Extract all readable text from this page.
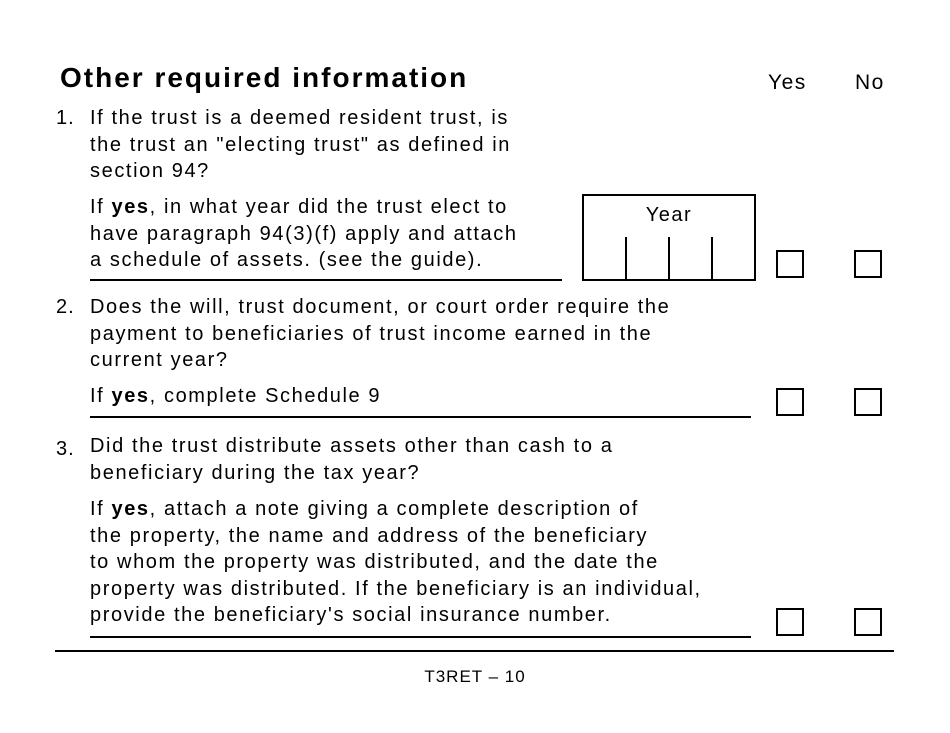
Other required information	Yes No
1. If the trust is a deemed resident trust, is
the trust an "electing trust" as defined in
section 94?
If yes, in what year did the trust elect to
have paragraph 94(3)(f) apply and attach
a schedule of assets. (see the guide).
Year
2. Does the will, trust document, or court order require the
payment to beneficiaries of trust income earned in the
current year?
If yes, complete Schedule 9
3. Did the trust distribute assets other than cash to a
beneficiary during the tax year?
If yes, attach a note giving a complete description of
the property, the name and address of the beneficiary
to whom the property was distributed, and the date the
property was distributed. If the beneficiary is an individual,
provide the beneficiary's social insurance number.
T3RET – 10
